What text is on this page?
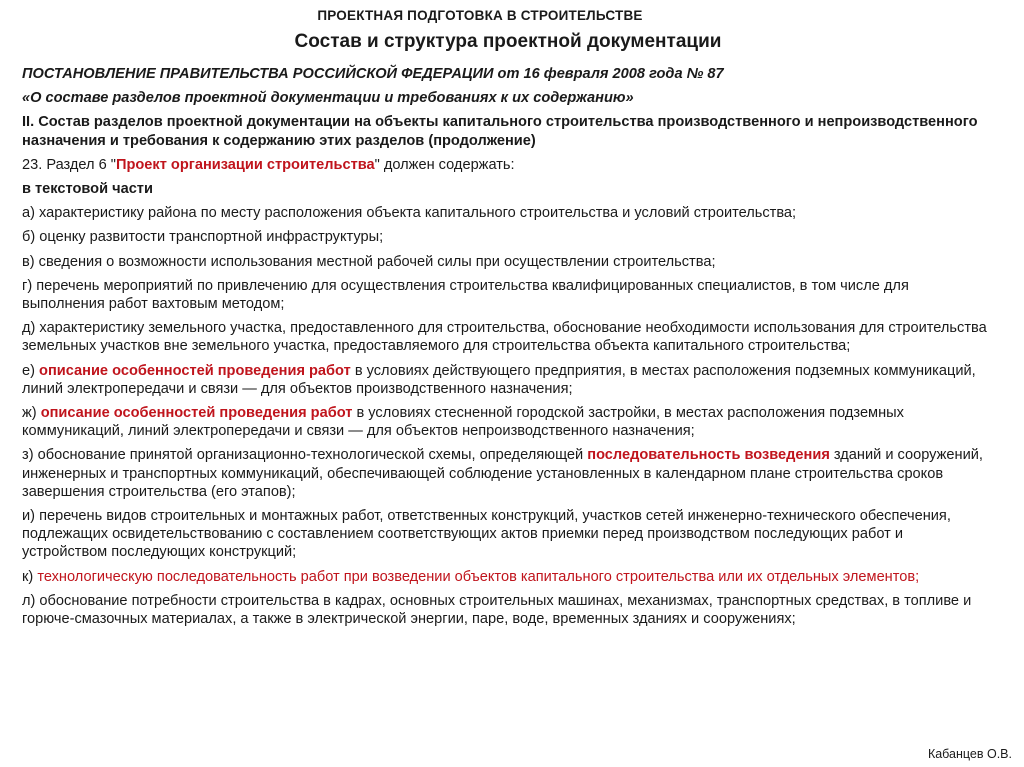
ПРОЕКТНАЯ ПОДГОТОВКА В СТРОИТЕЛЬСТВЕ
Состав и структура проектной документации

ПОСТАНОВЛЕНИЕ ПРАВИТЕЛЬСТВА РОССИЙСКОЙ ФЕДЕРАЦИИ от 16 февраля 2008 года № 87

«О составе разделов проектной документации и требованиях к их содержанию»

II. Состав разделов проектной документации на объекты капитального строительства производственного и непроизводственного назначения и требования к содержанию этих разделов (продолжение)

23. Раздел 6 "Проект организации строительства" должен содержать:

в текстовой части

а) характеристику района по месту расположения объекта капитального строительства и условий строительства;

б) оценку развитости транспортной инфраструктуры;

в) сведения о возможности использования местной рабочей силы при осуществлении строительства;

г) перечень мероприятий по привлечению для осуществления строительства квалифицированных специалистов, в том числе для выполнения работ вахтовым методом;

д) характеристику земельного участка, предоставленного для строительства, обоснование необходимости использования для строительства земельных участков вне земельного участка, предоставляемого для строительства объекта капитального строительства;

е) описание особенностей проведения работ в условиях действующего предприятия, в местах расположения подземных коммуникаций, линий электропередачи и связи — для объектов производственного назначения;

ж) описание особенностей проведения работ в условиях стесненной городской застройки, в местах расположения подземных коммуникаций, линий электропередачи и связи — для объектов непроизводственного назначения;

з) обоснование принятой организационно-технологической схемы, определяющей последовательность возведения зданий и сооружений, инженерных и транспортных коммуникаций, обеспечивающей соблюдение установленных в календарном плане строительства сроков завершения строительства (его этапов);

и) перечень видов строительных и монтажных работ, ответственных конструкций, участков сетей инженерно-технического обеспечения, подлежащих освидетельствованию с составлением соответствующих актов приемки перед производством последующих работ и устройством последующих конструкций;

к) технологическую последовательность работ при возведении объектов капитального строительства или их отдельных элементов;

л) обоснование потребности строительства в кадрах, основных строительных машинах, механизмах, транспортных средствах, в топливе и горюче-смазочных материалах, а также в электрической энергии, паре, воде, временных зданиях и сооружениях;

Кабанцев О.В.
